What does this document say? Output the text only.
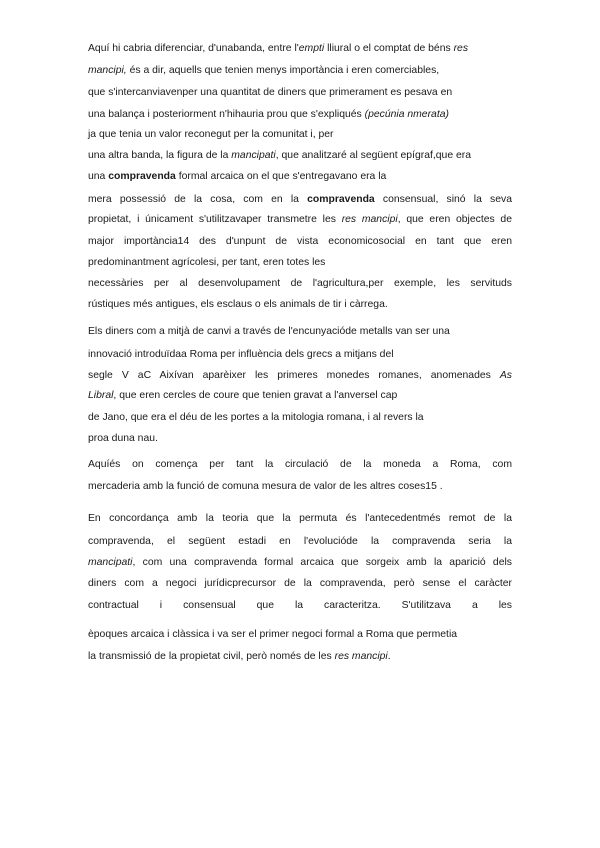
Aquí hi cabria diferenciar, d'unabanda, entre l'empti lliural o el comptat de béns res
mancipi, és a dir, aquells que tenien menys importància i eren comerciables,
que s'intercanviavenper una quantitat de diners que primerament es pesava en
una balança i posteriorment n'hihauria prou que s'expliqués (pecúnia nmerata)
ja que tenia un valor reconegut per la comunitat i, per
una altra banda, la figura de la mancipati, que analitzaré al següent epígraf,que era
una compravenda formal arcaica on el que s'entregavano era la
mera possessió de la cosa, com en la compravenda consensual, sinó la seva
propietat, i únicament s'utilitzavaper transmetre les res mancipi, que eren objectes de
major importància14 des d'unpunt de vista economicosocial en tant que eren
predominantment agrícolesi, per tant, eren totes les
necessàries per al desenvolupament de l'agricultura,per exemple, les servituds
rústiques més antigues, els esclaus o els animals de tir i càrrega.
Els diners com a mitjà de canvi a través de l'encunyacióde metalls van ser una
innovació introduïdaa Roma per influència dels grecs a mitjans del
segle V aC Aixívan aparèixer les primeres monedes romanes, anomenades As
Libral, que eren cercles de coure que tenien gravat a l'anversel cap
de Jano, que era el déu de les portes a la mitologia romana, i al revers la
proa duna nau.
Aquíés on comença per tant la circulació de la moneda a Roma, com
mercaderia amb la funció de comuna mesura de valor de les altres coses15 .
En concordança amb la teoria que la permuta és l'antecedentmés remot de la
compravenda, el següent estadi en l'evolucióde la compravenda seria la
mancipati, com una compravenda formal arcaica que sorgeix amb la aparició dels
diners com a negoci jurídicprecursor de la compravenda, però sense el caràcter
contractual i consensual que la caracteritza. S'utilitzava a les
èpoques arcaica i clàssica i va ser el primer negoci formal a Roma que permetia
la transmissió de la propietat civil, però només de les res mancipi.
